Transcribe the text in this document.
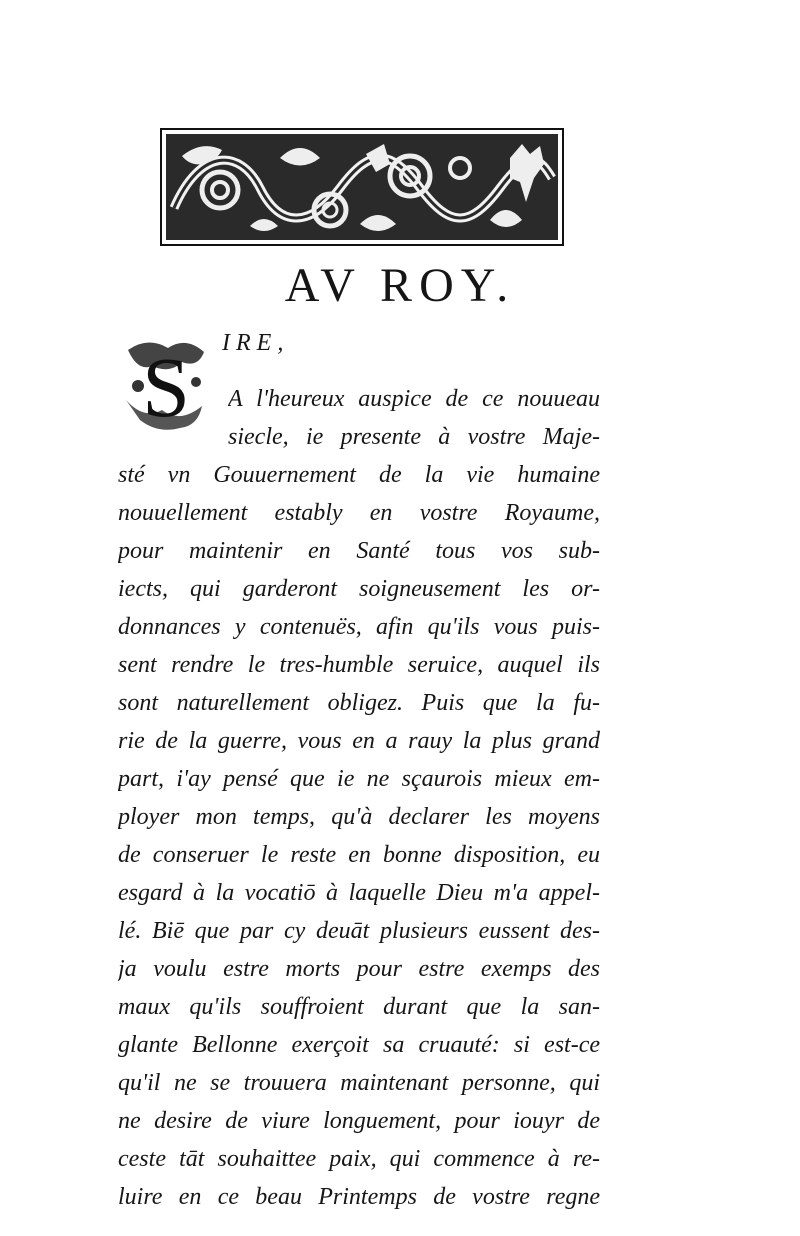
AV ROY.
S IRE,
A l'heureux auspice de ce nouueau
siecle, ie presente à vostre Maje-
sté vn Gouuernement de la vie humaine
nouuellement estably en vostre Royaume,
pour maintenir en Santé tous vos sub-
iects, qui garderont soigneusement les or-
donnances y contenuës, afin qu'ils vous puis-
sent rendre le tres-humble seruice, auquel ils
sont naturellement obligez. Puis que la fu-
rie de la guerre, vous en a rauy la plus grand
part, i'ay pensé que ie ne sçaurois mieux em-
ployer mon temps, qu'à declarer les moyens
de conseruer le reste en bonne disposition, eu
esgard à la vocatiō à laquelle Dieu m'a appel-
lé. Biē que par cy deuāt plusieurs eussent des-
ja voulu estre morts pour estre exemps des
maux qu'ils souffroient durant que la san-
glante Bellonne exerçoit sa cruauté: si est-ce
qu'il ne se trouuera maintenant personne, qui
ne desire de viure longuement, pour iouyr de
ceste tāt souhaittee paix, qui commence à re-
luire en ce beau Printemps de vostre regne
